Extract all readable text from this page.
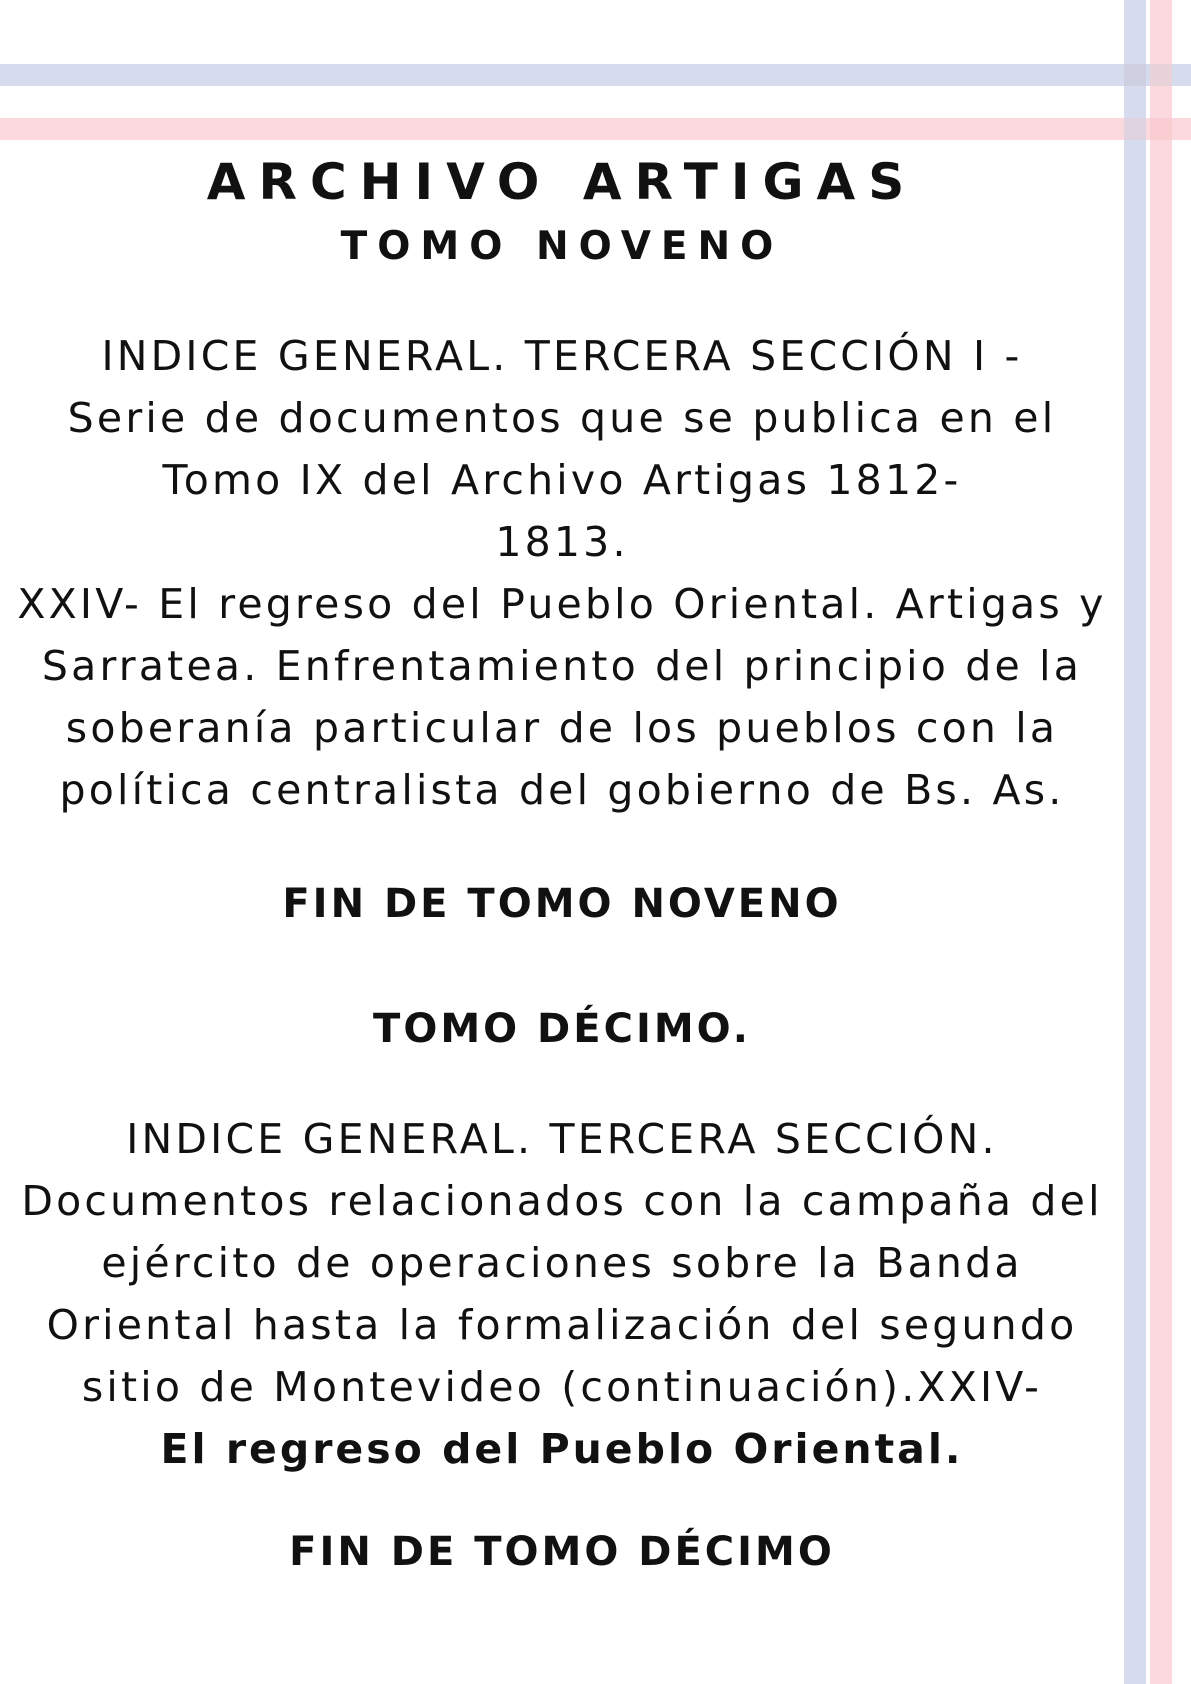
ARCHIVO ARTIGAS
TOMO NOVENO
INDICE GENERAL. TERCERA SECCIÓN I -
Serie de documentos que se publica en el
Tomo IX del Archivo Artigas 1812-
1813.
XXIV- El regreso del Pueblo Oriental. Artigas y
Sarratea. Enfrentamiento del principio de la
soberanía particular de los pueblos con la
política centralista del gobierno de Bs. As.
FIN DE TOMO NOVENO
TOMO DÉCIMO.
INDICE GENERAL. TERCERA SECCIÓN.
Documentos relacionados con la campaña del
ejército de operaciones sobre la Banda
Oriental hasta la formalización del segundo
sitio de Montevideo (continuación).XXIV-
El regreso del Pueblo Oriental.
FIN DE TOMO DÉCIMO
